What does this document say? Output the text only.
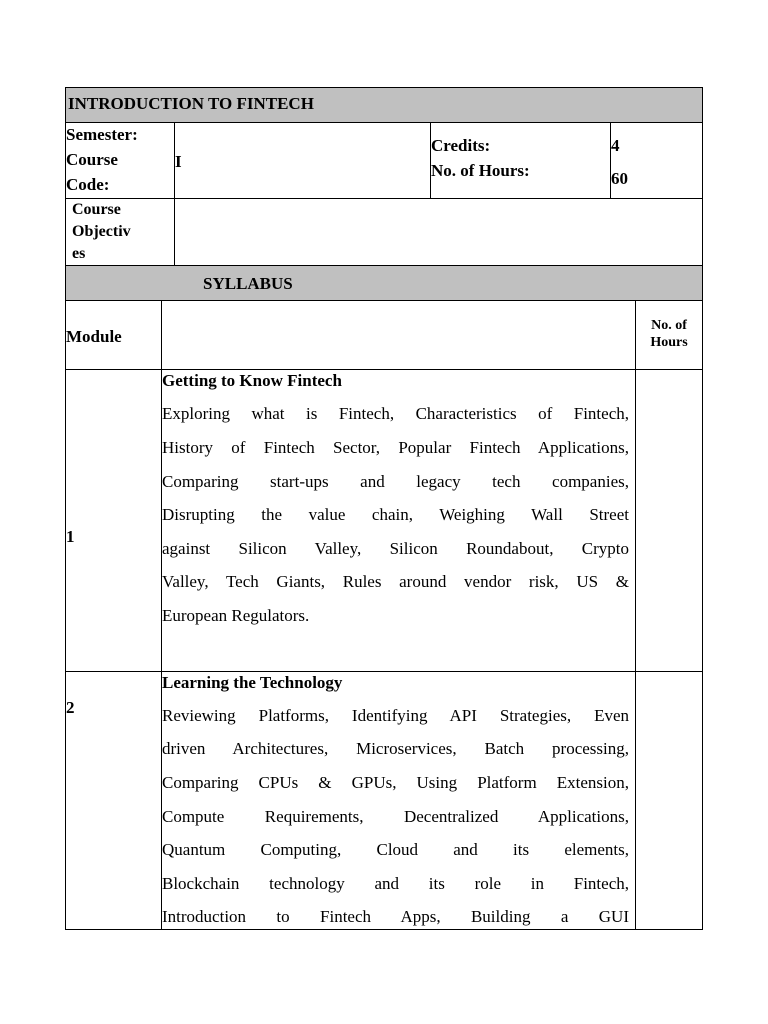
INTRODUCTION TO FINTECH
Semester:
Course
Code:
I
Credits:
No. of Hours:
4
60
Course
Objectiv
es
SYLLABUS
Module
No. of
Hours
1
Getting to Know Fintech
Exploring what is Fintech, Characteristics of Fintech,
History of Fintech Sector, Popular Fintech Applications,
Comparing start-ups and legacy tech companies,
Disrupting the value chain, Weighing Wall Street
against Silicon Valley, Silicon Roundabout, Crypto
Valley, Tech Giants, Rules around vendor risk, US &
European Regulators.
2
Learning the Technology
Reviewing Platforms, Identifying API Strategies, Even
driven Architectures, Microservices, Batch processing,
Comparing CPUs & GPUs, Using Platform Extension,
Compute Requirements, Decentralized Applications,
Quantum Computing, Cloud and its elements,
Blockchain technology and its role in Fintech,
Introduction to Fintech Apps, Building a GUI
